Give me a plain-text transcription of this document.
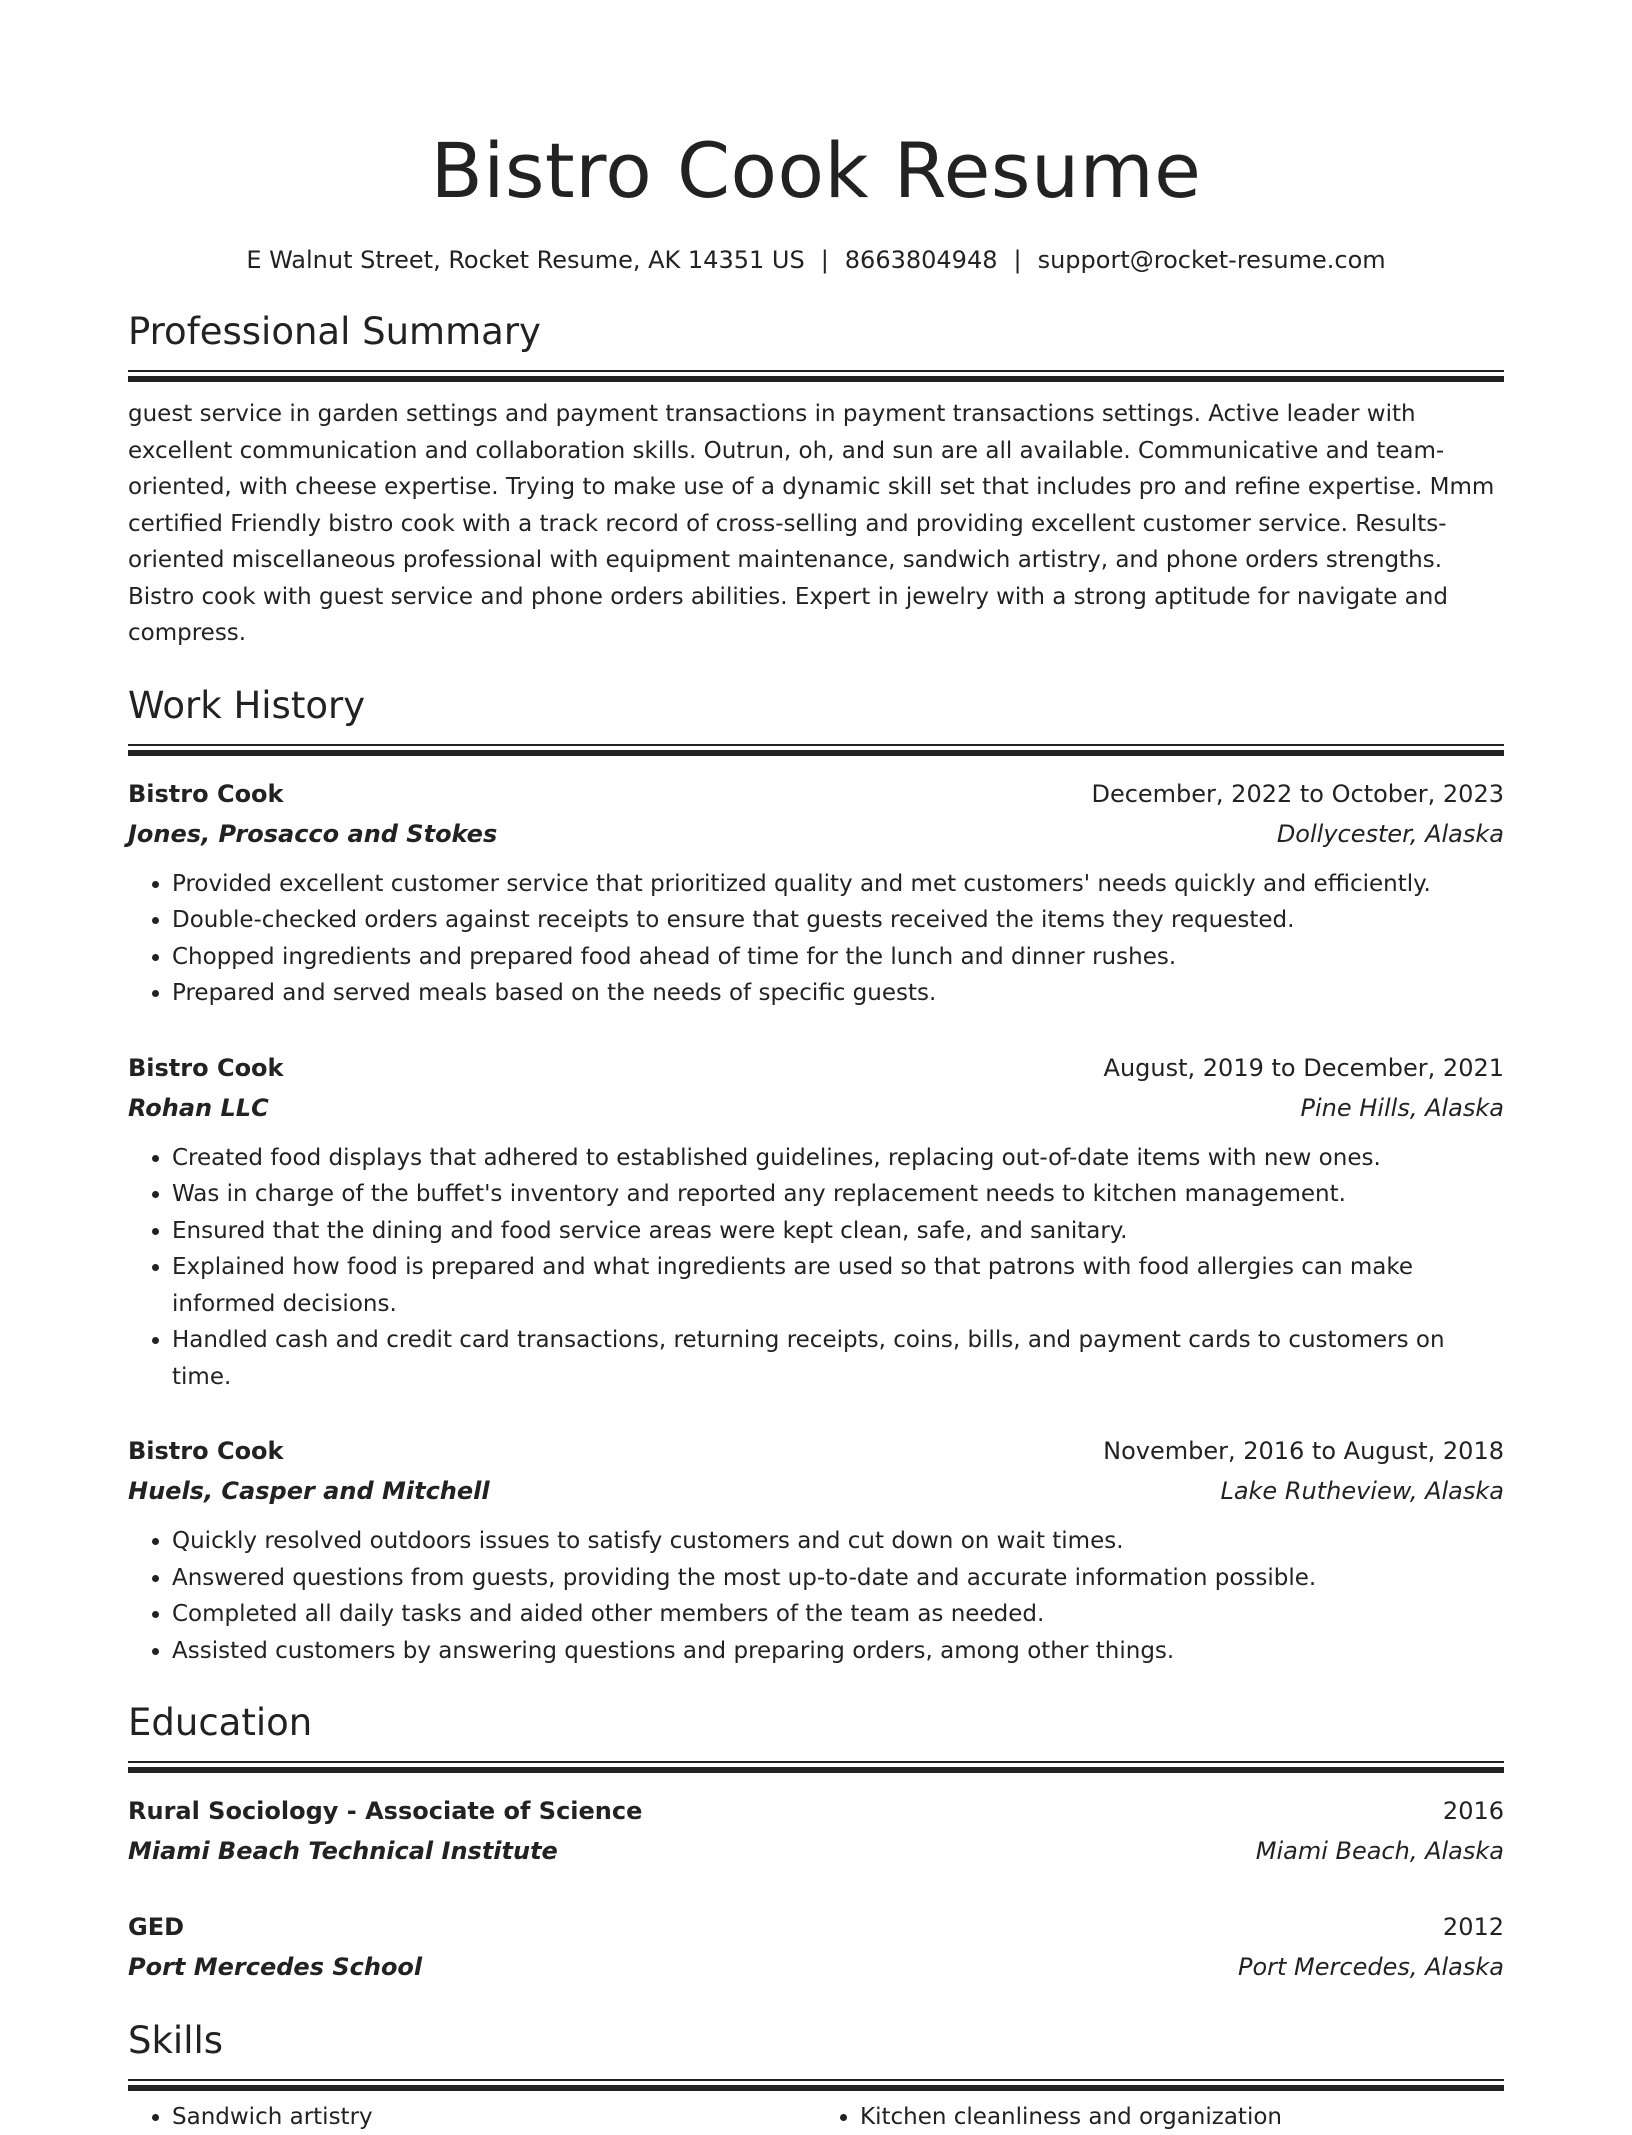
Bistro Cook Resume
E Walnut Street, Rocket Resume, AK 14351 US | 8663804948 | support@rocket-resume.com
Professional Summary
guest service in garden settings and payment transactions in payment transactions settings. Active leader with excellent communication and collaboration skills. Outrun, oh, and sun are all available. Communicative and team-oriented, with cheese expertise. Trying to make use of a dynamic skill set that includes pro and refine expertise. Mmm certified Friendly bistro cook with a track record of cross-selling and providing excellent customer service. Results-oriented miscellaneous professional with equipment maintenance, sandwich artistry, and phone orders strengths. Bistro cook with guest service and phone orders abilities. Expert in jewelry with a strong aptitude for navigate and compress.
Work History
Bistro Cook	December, 2022 to October, 2023
Jones, Prosacco and Stokes	Dollycester, Alaska
• Provided excellent customer service that prioritized quality and met customers' needs quickly and efficiently.
• Double-checked orders against receipts to ensure that guests received the items they requested.
• Chopped ingredients and prepared food ahead of time for the lunch and dinner rushes.
• Prepared and served meals based on the needs of specific guests.
Bistro Cook	August, 2019 to December, 2021
Rohan LLC	Pine Hills, Alaska
• Created food displays that adhered to established guidelines, replacing out-of-date items with new ones.
• Was in charge of the buffet's inventory and reported any replacement needs to kitchen management.
• Ensured that the dining and food service areas were kept clean, safe, and sanitary.
• Explained how food is prepared and what ingredients are used so that patrons with food allergies can make informed decisions.
• Handled cash and credit card transactions, returning receipts, coins, bills, and payment cards to customers on time.
Bistro Cook	November, 2016 to August, 2018
Huels, Casper and Mitchell	Lake Rutheview, Alaska
• Quickly resolved outdoors issues to satisfy customers and cut down on wait times.
• Answered questions from guests, providing the most up-to-date and accurate information possible.
• Completed all daily tasks and aided other members of the team as needed.
• Assisted customers by answering questions and preparing orders, among other things.
Education
Rural Sociology - Associate of Science	2016
Miami Beach Technical Institute	Miami Beach, Alaska
GED	2012
Port Mercedes School	Port Mercedes, Alaska
Skills
• Sandwich artistry
•	Kitchen cleanliness and organization
